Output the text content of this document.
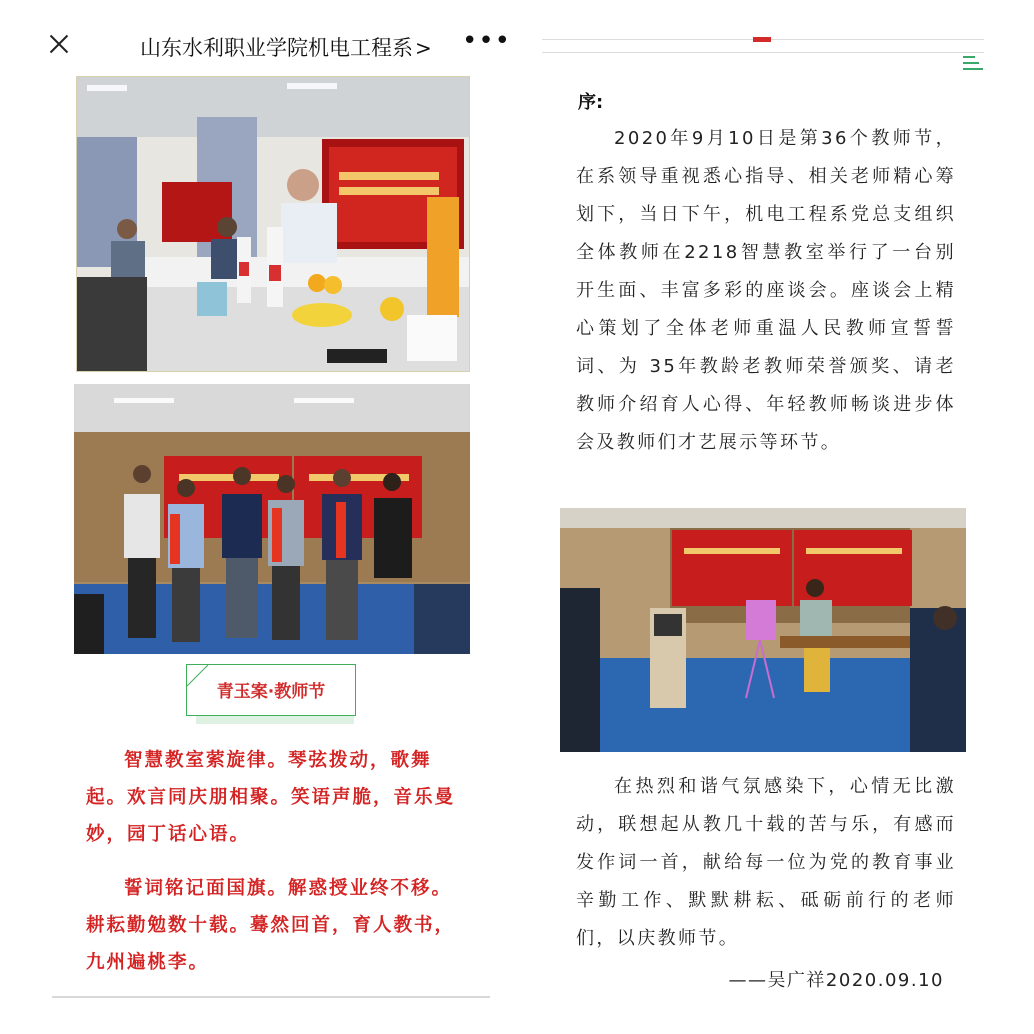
山东水利职业学院机电工程系 > •••
青玉案·教师节
智慧教室萦旋律。琴弦拨动，歌舞起。欢言同庆朋相聚。笑语声脆，音乐曼妙，园丁话心语。
誓词铭记面国旗。解惑授业终不移。耕耘勤勉数十载。蓦然回首，育人教书，九州遍桃李。
序:
2020年9月10日是第36个教师节，在系领导重视悉心指导、相关老师精心筹划下，当日下午，机电工程系党总支组织全体教师在2218智慧教室举行了一台别开生面、丰富多彩的座谈会。座谈会上精心策划了全体老师重温人民教师宣誓誓词、为 35年教龄老教师荣誉颁奖、请老教师介绍育人心得、年轻教师畅谈进步体会及教师们才艺展示等环节。
在热烈和谐气氛感染下，心情无比激动，联想起从教几十载的苦与乐，有感而发作词一首，献给每一位为党的教育事业辛勤工作、默默耕耘、砥砺前行的老师们，以庆教师节。
——吴广祥2020.09.10
